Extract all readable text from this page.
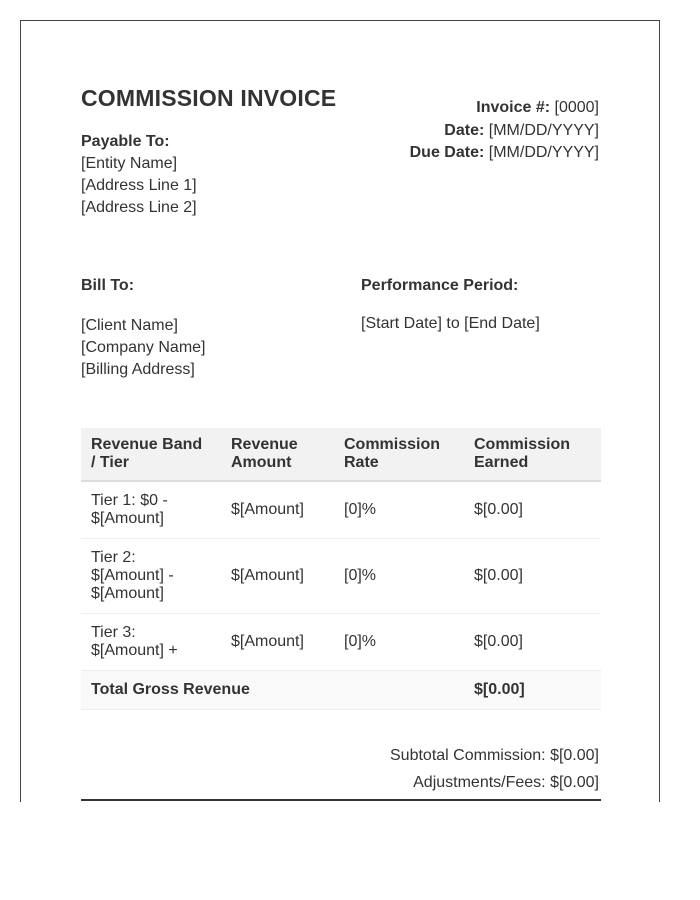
COMMISSION INVOICE	Invoice #: [0000]
Date: [MM/DD/YYYY]
Due Date: [MM/DD/YYYY]
Payable To:
[Entity Name]
[Address Line 1]
[Address Line 2]
Bill To:
[Client Name]
[Company Name]
[Billing Address]
Performance Period:
[Start Date] to [End Date]
Revenue Band / Tier	Revenue Amount	Commission Rate	Commission Earned
Tier 1: $0 - $[Amount]	$[Amount]	[0]%	$[0.00]
Tier 2: $[Amount] - $[Amount]	$[Amount]	[0]%	$[0.00]
Tier 3: $[Amount] +	$[Amount]	[0]%	$[0.00]
Total Gross Revenue			$[0.00]
Subtotal Commission: $[0.00]
Adjustments/Fees: $[0.00]
